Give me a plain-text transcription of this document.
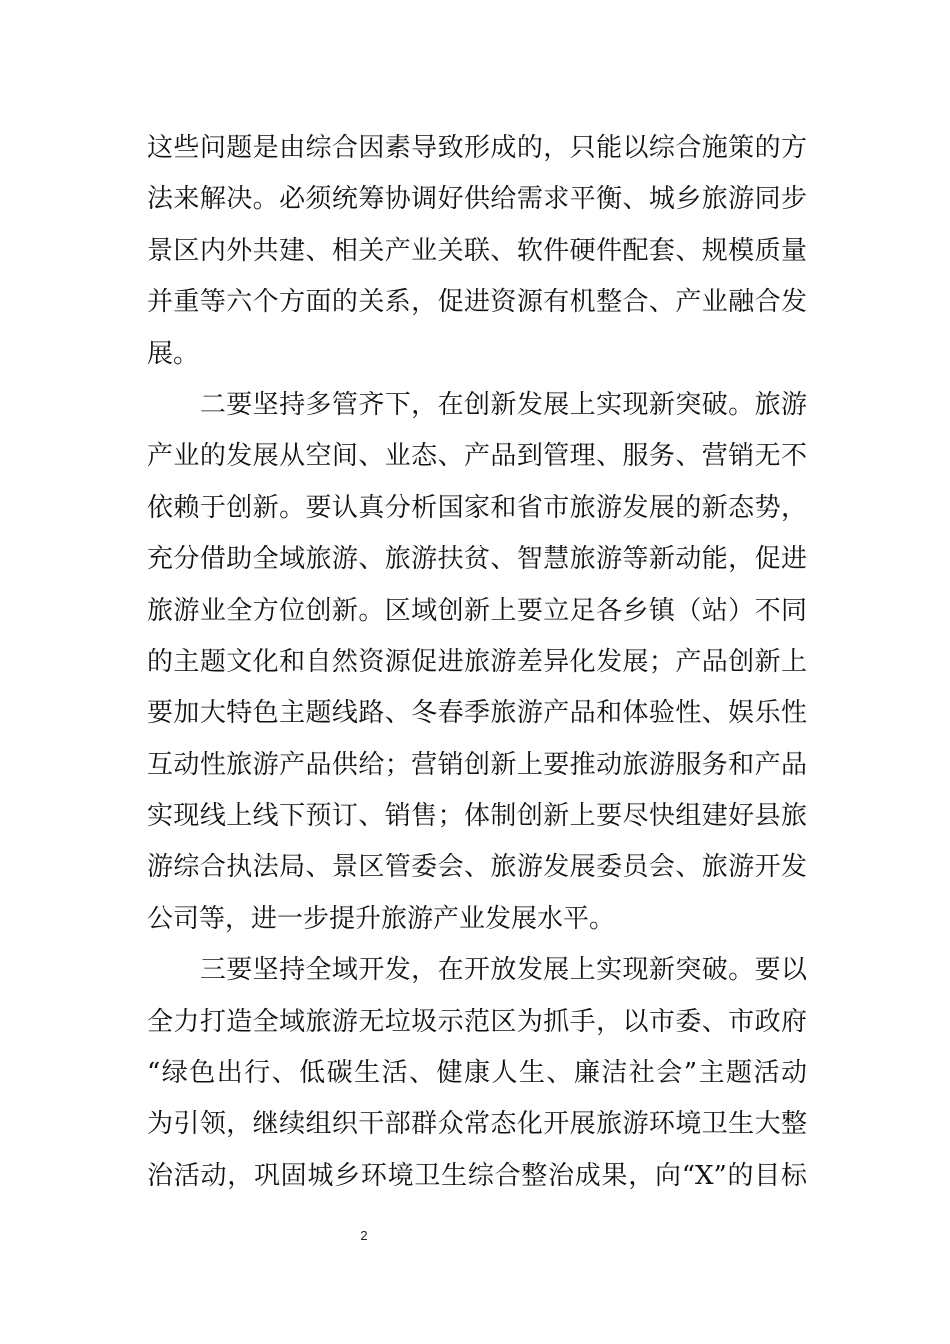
这些问题是由综合因素导致形成的，只能以综合施策的方
法来解决。必须统筹协调好供给需求平衡、城乡旅游同步
景区内外共建、相关产业关联、软件硬件配套、规模质量
并重等六个方面的关系，促进资源有机整合、产业融合发
展。
　　二要坚持多管齐下，在创新发展上实现新突破。旅游
产业的发展从空间、业态、产品到管理、服务、营销无不
依赖于创新。要认真分析国家和省市旅游发展的新态势，
充分借助全域旅游、旅游扶贫、智慧旅游等新动能，促进
旅游业全方位创新。区域创新上要立足各乡镇（站）不同
的主题文化和自然资源促进旅游差异化发展；产品创新上
要加大特色主题线路、冬春季旅游产品和体验性、娱乐性
互动性旅游产品供给；营销创新上要推动旅游服务和产品
实现线上线下预订、销售；体制创新上要尽快组建好县旅
游综合执法局、景区管委会、旅游发展委员会、旅游开发
公司等，进一步提升旅游产业发展水平。
　　三要坚持全域开发，在开放发展上实现新突破。要以
全力打造全域旅游无垃圾示范区为抓手，以市委、市政府
“绿色出行、低碳生活、健康人生、廉洁社会”主题活动
为引领，继续组织干部群众常态化开展旅游环境卫生大整
治活动，巩固城乡环境卫生综合整治成果，向“X”的目标
2
